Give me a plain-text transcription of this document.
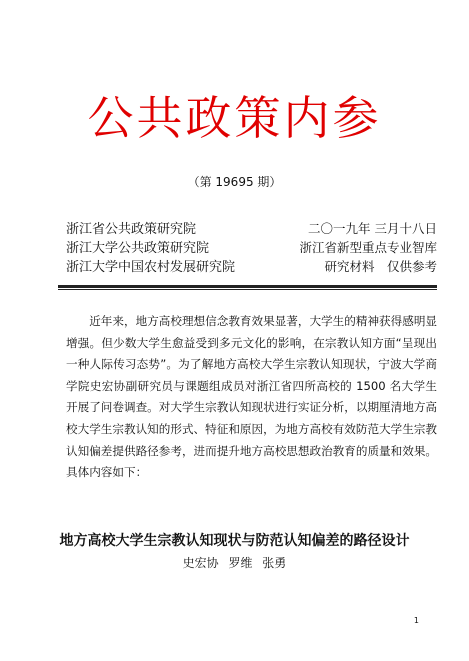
公共政策内参
（第 19695 期）
浙江省公共政策研究院	二〇一九年 三月十八日
浙江大学公共政策研究院	浙江省新型重点专业智库
浙江大学中国农村发展研究院	研究材料　仅供参考

近年来，地方高校理想信念教育效果显著，大学生的精神获得感明显增强。但少数大学生愈益受到多元文化的影响，在宗教认知方面“呈现出一种人际传习态势”。为了解地方高校大学生宗教认知现状，宁波大学商学院史宏协副研究员与课题组成员对浙江省四所高校的 1500 名大学生开展了问卷调查。对大学生宗教认知现状进行实证分析，以期厘清地方高校大学生宗教认知的形式、特征和原因，为地方高校有效防范大学生宗教认知偏差提供路径参考，进而提升地方高校思想政治教育的质量和效果。具体内容如下：

地方高校大学生宗教认知现状与防范认知偏差的路径设计
史宏协 罗维 张勇
1
